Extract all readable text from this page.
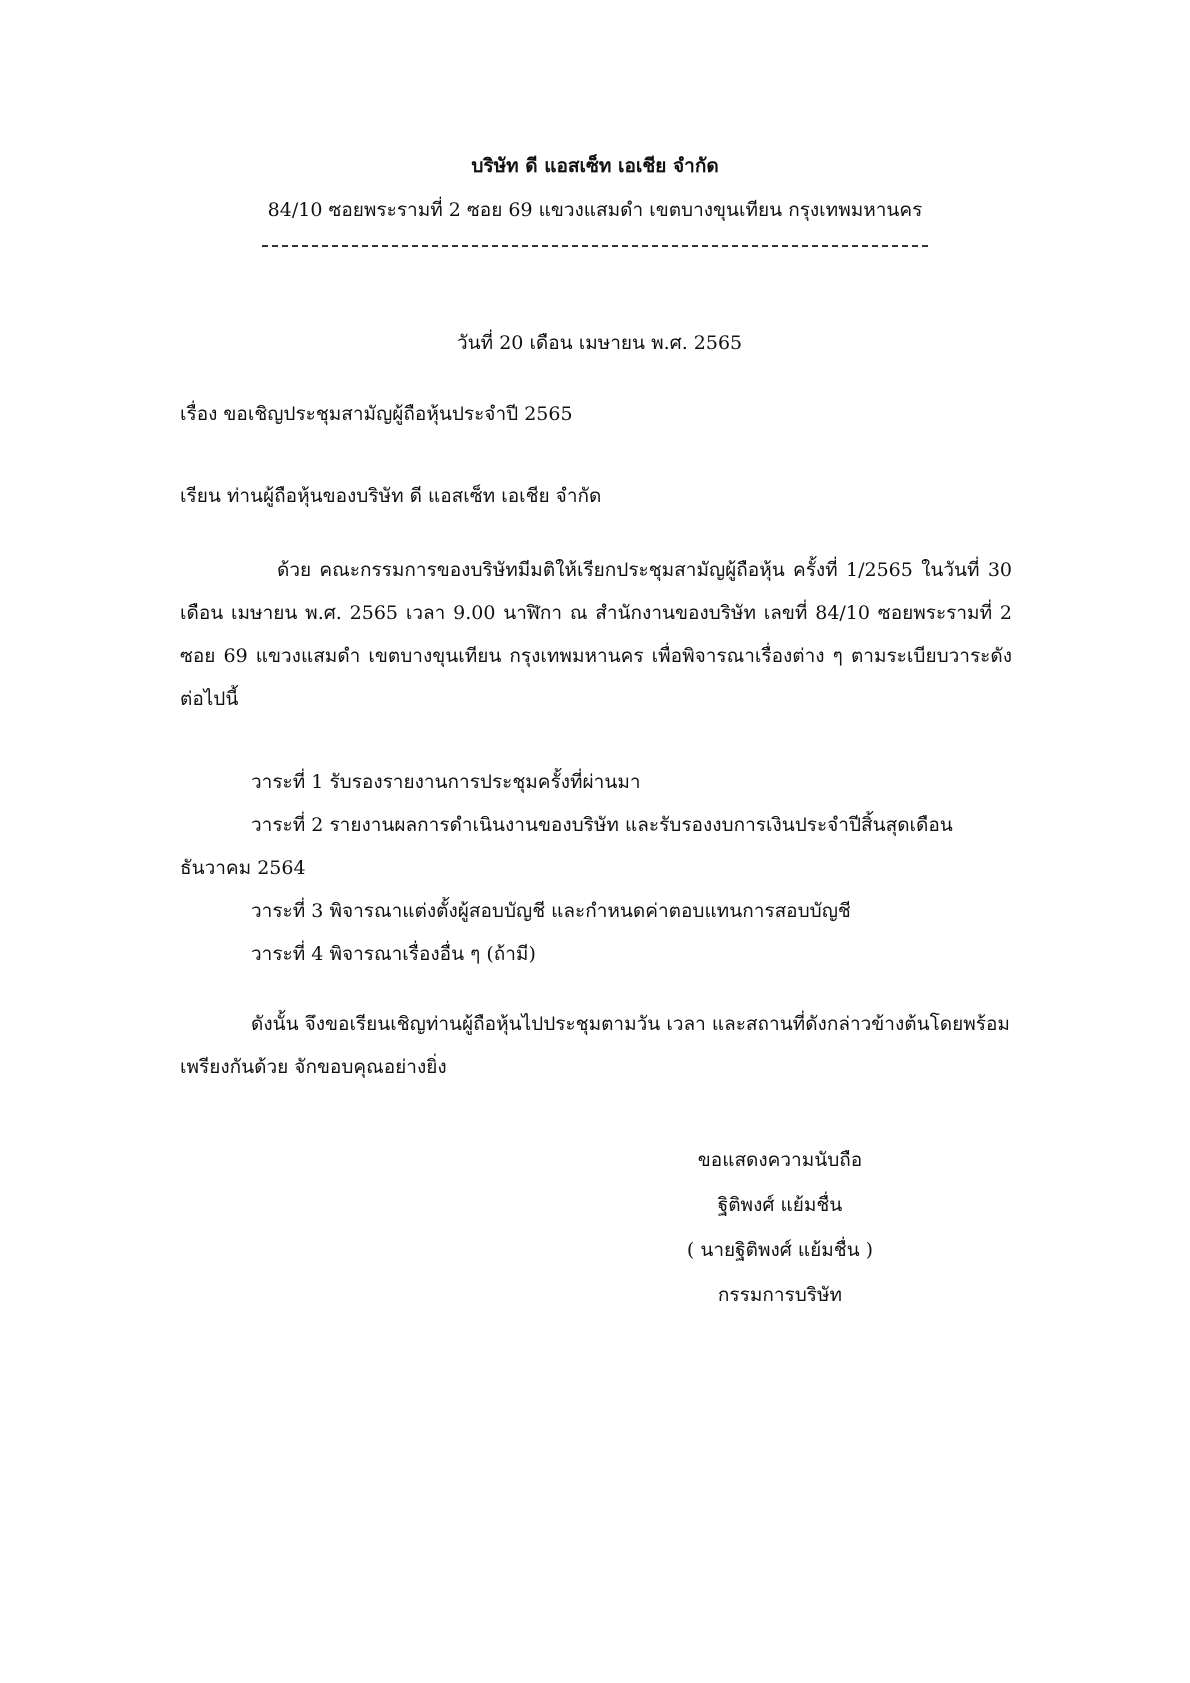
บริษัท ดี แอสเซ็ท เอเชีย จำกัด
84/10 ซอยพระรามที่ 2 ซอย 69 แขวงแสมดำ เขตบางขุนเทียน กรุงเทพมหานคร
วันที่ 20 เดือน เมษายน พ.ศ. 2565
เรื่อง ขอเชิญประชุมสามัญผู้ถือหุ้นประจำปี 2565
เรียน ท่านผู้ถือหุ้นของบริษัท ดี แอสเซ็ท เอเชีย จำกัด

ด้วย คณะกรรมการของบริษัทมีมติให้เรียกประชุมสามัญผู้ถือหุ้น ครั้งที่ 1/2565 ในวันที่ 30 เดือน เมษายน พ.ศ. 2565 เวลา 9.00 นาฬิกา ณ สำนักงานของบริษัท เลขที่ 84/10 ซอยพระรามที่ 2 ซอย 69 แขวงแสมดำ เขตบางขุนเทียน กรุงเทพมหานคร เพื่อพิจารณาเรื่องต่าง ๆ ตามระเบียบวาระดังต่อไปนี้

วาระที่ 1 รับรองรายงานการประชุมครั้งที่ผ่านมา
วาระที่ 2 รายงานผลการดำเนินงานของบริษัท และรับรองงบการเงินประจำปีสิ้นสุดเดือน
ธันวาคม 2564
วาระที่ 3 พิจารณาแต่งตั้งผู้สอบบัญชี และกำหนดค่าตอบแทนการสอบบัญชี
วาระที่ 4 พิจารณาเรื่องอื่น ๆ (ถ้ามี)

ดังนั้น จึงขอเรียนเชิญท่านผู้ถือหุ้นไปประชุมตามวัน เวลา และสถานที่ดังกล่าวข้างต้นโดยพร้อมเพรียงกันด้วย จักขอบคุณอย่างยิ่ง

ขอแสดงความนับถือ
ฐิติพงศ์ แย้มชื่น
( นายฐิติพงศ์ แย้มชื่น )
กรรมการบริษัท
